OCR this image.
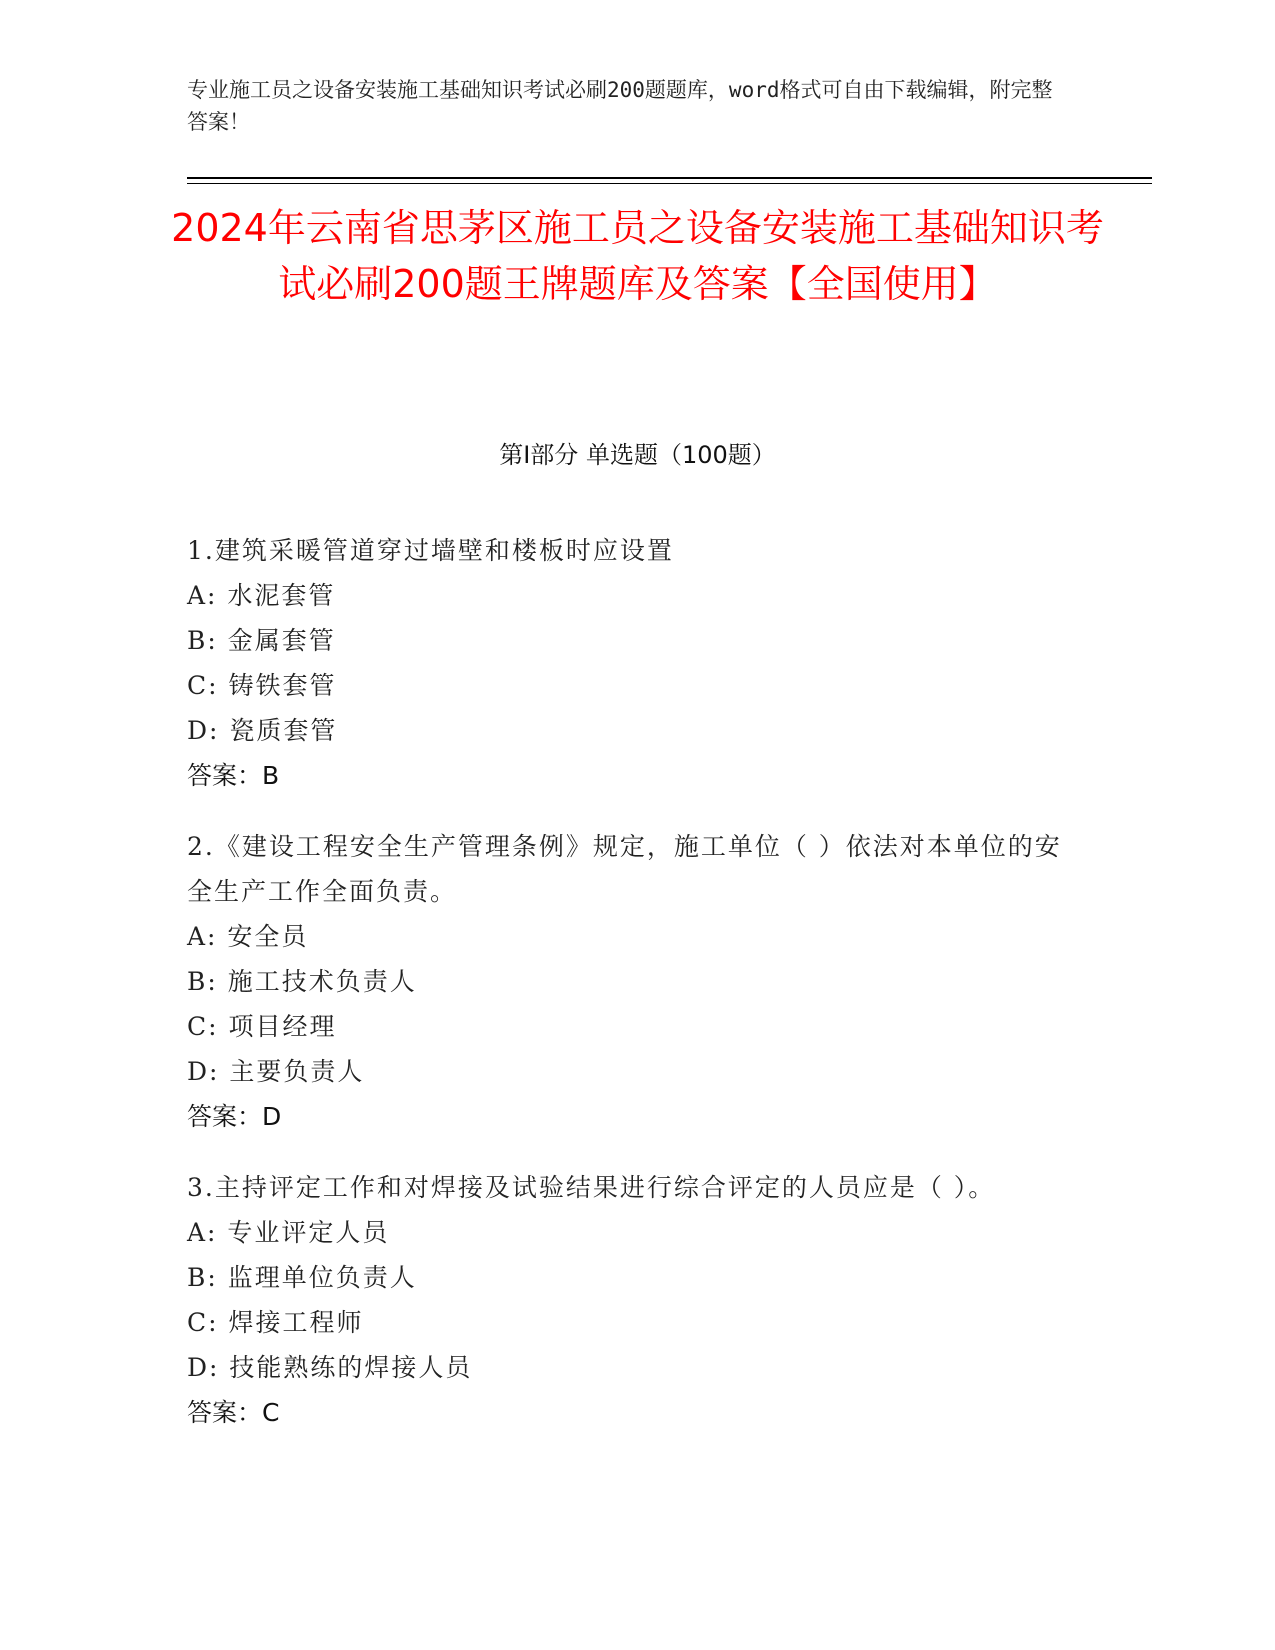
专业施工员之设备安装施工基础知识考试必刷200题题库，word格式可自由下载编辑，附完整答案！
2024年云南省思茅区施工员之设备安装施工基础知识考试必刷200题王牌题库及答案【全国使用】
第Ⅰ部分 单选题（100题）
1.建筑采暖管道穿过墙壁和楼板时应设置
A: 水泥套管
B: 金属套管
C: 铸铁套管
D: 瓷质套管
答案：B
2.《建设工程安全生产管理条例》规定，施工单位（ ）依法对本单位的安全生产工作全面负责。
A: 安全员
B: 施工技术负责人
C: 项目经理
D: 主要负责人
答案：D
3.主持评定工作和对焊接及试验结果进行综合评定的人员应是（ ）。
A: 专业评定人员
B: 监理单位负责人
C: 焊接工程师
D: 技能熟练的焊接人员
答案：C
